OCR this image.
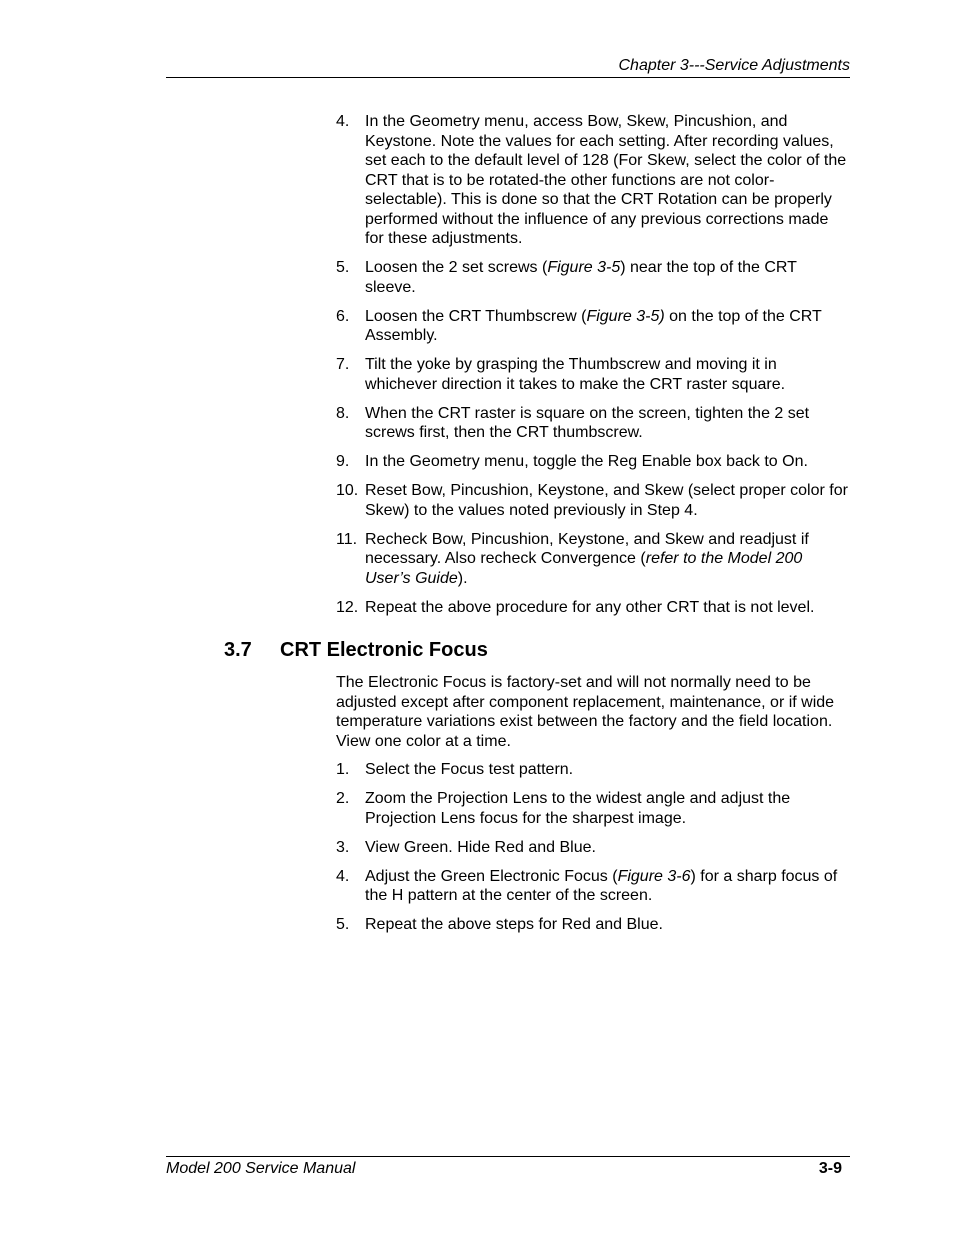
Chapter 3---Service Adjustments
4. In the Geometry menu, access Bow, Skew, Pincushion, and Keystone. Note the values for each setting. After recording values, set each to the default level of 128 (For Skew, select the color of the CRT that is to be rotated-the other functions are not color-selectable). This is done so that the CRT Rotation can be properly performed without the influence of any previous corrections made for these adjustments.
5. Loosen the 2 set screws (Figure 3-5) near the top of the CRT sleeve.
6. Loosen the CRT Thumbscrew (Figure 3-5) on the top of the CRT Assembly.
7. Tilt the yoke by grasping the Thumbscrew and moving it in whichever direction it takes to make the CRT raster square.
8. When the CRT raster is square on the screen, tighten the 2 set screws first, then the CRT thumbscrew.
9. In the Geometry menu, toggle the Reg Enable box back to On.
10. Reset Bow, Pincushion, Keystone, and Skew (select proper color for Skew) to the values noted previously in Step 4.
11. Recheck Bow, Pincushion, Keystone, and Skew and readjust if necessary. Also recheck Convergence (refer to the Model 200 User’s Guide).
12. Repeat the above procedure for any other CRT that is not level.
3.7 CRT Electronic Focus

The Electronic Focus is factory-set and will not normally need to be adjusted except after component replacement, maintenance, or if wide temperature variations exist between the factory and the field location. View one color at a time.

1. Select the Focus test pattern.
2. Zoom the Projection Lens to the widest angle and adjust the Projection Lens focus for the sharpest image.
3. View Green. Hide Red and Blue.
4. Adjust the Green Electronic Focus (Figure 3-6) for a sharp focus of the H pattern at the center of the screen.
5. Repeat the above steps for Red and Blue.
Model 200 Service Manual	3-9
